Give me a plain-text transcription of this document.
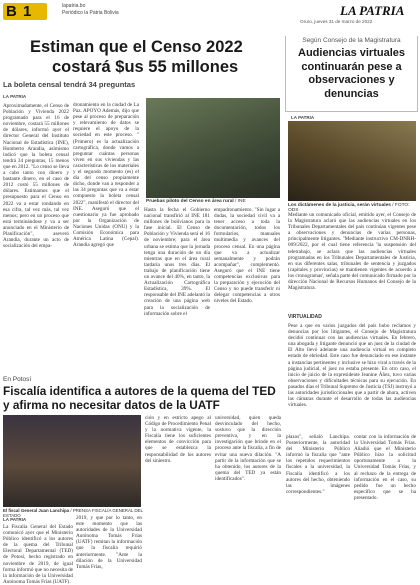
B 1	lapatria.bo
Periódico la Patria Bolivia	LA PATRIA
Oruro, jueves 31 de marzo de 2022
Estiman que el Censo 2022
costará $us 55 millones
La boleta censal tendrá 34 preguntas
LA PATRIA
Aproximadamente, el Censo de Población y Vivienda 2022 programado para el 16 de noviembre, costará 55 millones de dólares, informó ayer el director General del Instituto Nacional de Estadística (INE), Humberto Arandia, asimismo indicó que la boleta censal tendrá 34 preguntas, 15 menos que en 2012. "Lo censo se lleva a cabo tanto con dinero y bastante dinero, en el caso de 2012 costó 55 millones de dólares. Estimamos que el presupuesto para el Censo en 2022 va a estar rondando en esa cifra, tal vez más, tal vez menos; pero en un proceso que está terminándose y va a ser anunciado en el Ministerio de Planificación", aseveró Arandia, durante un acto de socialización del empa-
dronamiento en la ciudad de La Paz. APOYO Además, dijo que pese al proceso de preparación y relevamiento de datos se requiere el apoyo de la sociedad en este proceso. "(Primero) es la actualización cartográfica, donde vamos a preguntar cuántas personas viven en sus viviendas y las características de los materiales y el segundo momento (es) el día del censo propiamente dicho, donde van a responder a las 34 preguntas que va a estar compuesto la boleta censal 2022", manifestó el director del INE. Aseguró que el cuestionario ya fue aprobado por la Organización de Naciones Unidas (ONU) y la Comisión Económica para América Latina (Cepal). Arandia agregó que
Pruebas piloto del Censo en área rural / INE
Hasta la fecha el Gobierno nacional transfirió al INE 181 millones de bolivianos para la fase inicial. El Censo de Población y Vivienda será el 16 de noviembre; para el área urbana se estima que la jornada tenga una duración de un día mientras que en el área rural tardaría unos tres días. El trabajo de planificación tiene un avance del 40%, en tanto, la Actualización Cartográfica Estadística, 39%. El responsable del INE adelantó la creación de una página web para la socialización de información sobre el
empadronamiento. "Sin lugar a dudas, la sociedad civil va a tener acceso a toda la documentación, todos los formularios, manuales multimedia y avances del proceso censal. En una página que va a actualizar semanalmente y podrán acompañar", complementó. Aseguró que el INE tiene competencias exclusivas para la preparación y ejecución del Censo y no puede transferir ni delegar competencias a otros niveles del Estado.
Según Consejo de la Magistratura
Audiencias virtuales continuarán pese a observaciones y denuncias
LA PATRIA
Los dictámenes de la justicia, serán virtuales / FOTO: ODS
Mediante un comunicado oficial, emitido ayer, el Consejo de la Magistratura aclaró que las audiencias virtuales en los Tribunales Departamentales del país continúan vigentes pese a observaciones y denuncias de varias personas, principalmente litigantes. "Mediante instructivo CM-DNRH-009/2022, por el cual tiene referencia 'la suspensión del teletrabajo, se aclara que las audiencias virtuales programadas en los Tribunales Departamentales de Justicia, en sus diferentes salas, tribunales de sentencia y juzgados (capitales y provincias) se mantienen vigentes de acuerdo a los cronogramas', señala parte del comunicado firmado por la dirección Nacional de Recursos Humanos del Consejo de la Magistratura.
VIRTUALIDAD
Pese a que en varios juzgados del país hubo reclamos y denuncias por los litigantes, el Consejo de Magistratura decidió continuar con las audiencias virtuales. En febrero, una abogada y litigante denunció que un juez de la ciudad de El Alto llevó adelante una audiencia virtual en completo estado de ebriedad. Este caso fue denunciado en ese instante a instancias pertinentes y inclusive se hizo viral a través de la página judicial, el juez no estaba presente. En otro caso, el inicio de juicio de la expresidente Jeanine Áñez, tuvo varias observaciones y dificultades técnicas para su ejecución. En pasados días el Tribunal Supremo de Justicia (TSJ) instruyó a las autoridades jurisdiccionales que a partir de ahora, activen las cámaras durante el desarrollo de todas las audiencias virtuales.
En Potosí
Fiscalía identifica a autores de la quema del TED y afirma no necesitar datos de la UATF
El fiscal General Juan Lanchipa / PRENSA FISCALÍA GENERAL DEL ESTADO
LA PATRIA
La Fiscalía General del Estado comunicó ayer que el Ministerio Público identificó a los autores de la quema del Tribunal Electoral Departamental (TED) de Potosí, hecho registrado en noviembre de 2019, de igual forma informó que no necesita de la información de la Universidad Autónoma Tomás Frías (UATF).
ción y en estricto apego al Código de Procedimiento Penal y la normativa vigente, la Fiscalía tiene los suficientes elementos de convicción para que se establezca la responsabilidad de los autores del siniestro.
2019, y que por lo tanto, en este momento que las autoridades de la Universidad Autónoma Tomás Frías (UATF) remitan la información que la fiscalía requirió anteriormente. "Ante la dilación de la Universidad Tomás Frías,
universidad, quien queda desvinculado del hecho, sostuvo que la dirección preventiva, y en la investigación que brinde en el proceso ante la fiscalía, a fin de evitar una nueva dilación. "A partir de la información que se ha obtenido, los autores de la quema del TED ya están identificados".
plazos", señaló Lanchipa. Posteriormente, la autoridad del Ministerio Público informó la fiscalía que "ante los repetidos requerimientos fiscales a la universidad, la Fiscalía identificó a los autores del hecho, obteniendo las imágenes correspondientes."
contar con la información de la Universidad Tomás Frías. Añadió que el Ministerio Público hizo la solicitud oportunamente a la Universidad Tomás Frías, y al rechazo de la entrega de información en el caso, su pedido fue un hecho específico que se ha presentado.
